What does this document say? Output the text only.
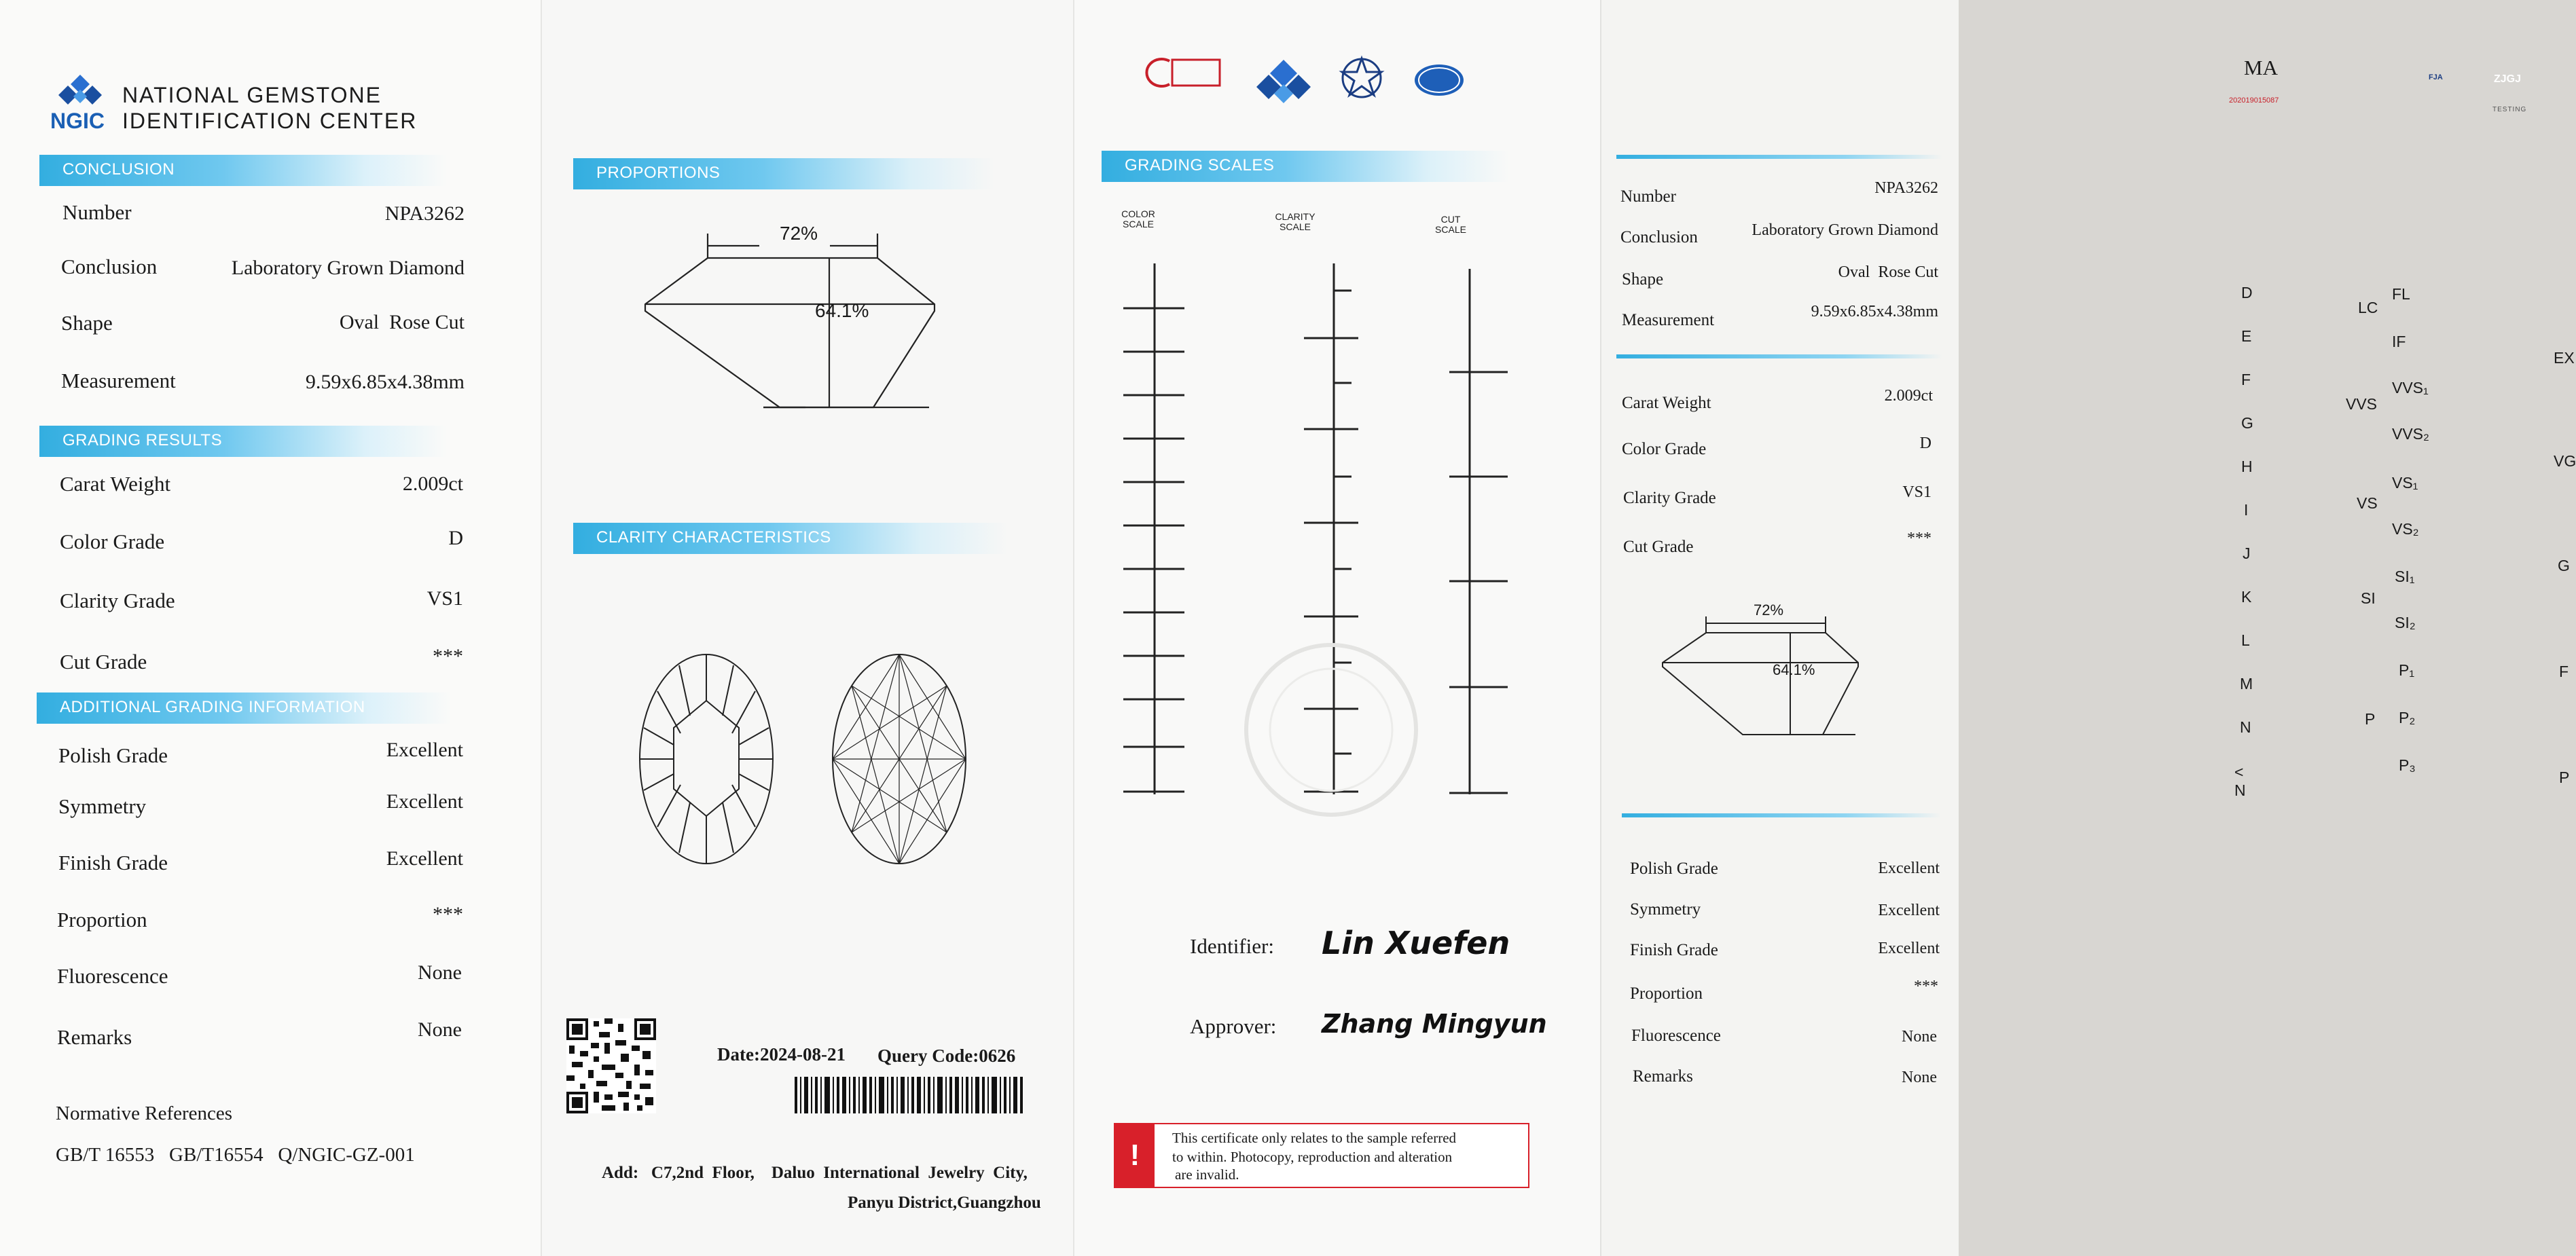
NGIC
NATIONAL GEMSTONE
IDENTIFICATION CENTER
CONCLUSION
Number	NPA3262
Conclusion	Laboratory Grown Diamond
Shape	Oval  Rose Cut
Measurement	9.59x6.85x4.38mm
GRADING RESULTS
Carat Weight	2.009ct
Color Grade	D
Clarity Grade	VS1
Cut Grade	***
ADDITIONAL GRADING INFORMATION
Polish Grade	Excellent
Symmetry	Excellent
Finish Grade	Excellent
Proportion	***
Fluorescence	None
Remarks	None
Normative References
GB/T 16553   GB/T16554   Q/NGIC-GZ-001
PROPORTIONS
72%
64.1%
CLARITY CHARACTERISTICS
Date:2024-08-21 Query Code:0626
Add:   C7,2nd  Floor,    Daluo  International  Jewelry  City,
Panyu District,Guangzhou
MA
202019015087
FJA	ZJGJ
TESTING
GRADING SCALES
COLOR
SCALE
CLARITY
SCALE
CUT
SCALE
D
E
F
G
H
I
J
K
L
M
N
< N
FL
IF
VVS₁
VVS₂
VS₁
VS₂
SI₁
SI₂
P₁
P₂
P₃
LC
VVS
VS
SI
P
EX
VG
G
F
P
Identifier: Lin Xuefen
Approver: Zhang Mingyun
!
This certificate only relates to the sample referred
to within. Photocopy, reproduction and alteration
are invalid.
Number	NPA3262
Conclusion	Laboratory Grown Diamond
Shape	Oval  Rose Cut
Measurement	9.59x6.85x4.38mm
Carat Weight	2.009ct
Color Grade	D
Clarity Grade	VS1
Cut Grade	***
72%
64.1%
Polish Grade	Excellent
Symmetry	Excellent
Finish Grade	Excellent
Proportion	***
Fluorescence	None
Remarks	None
